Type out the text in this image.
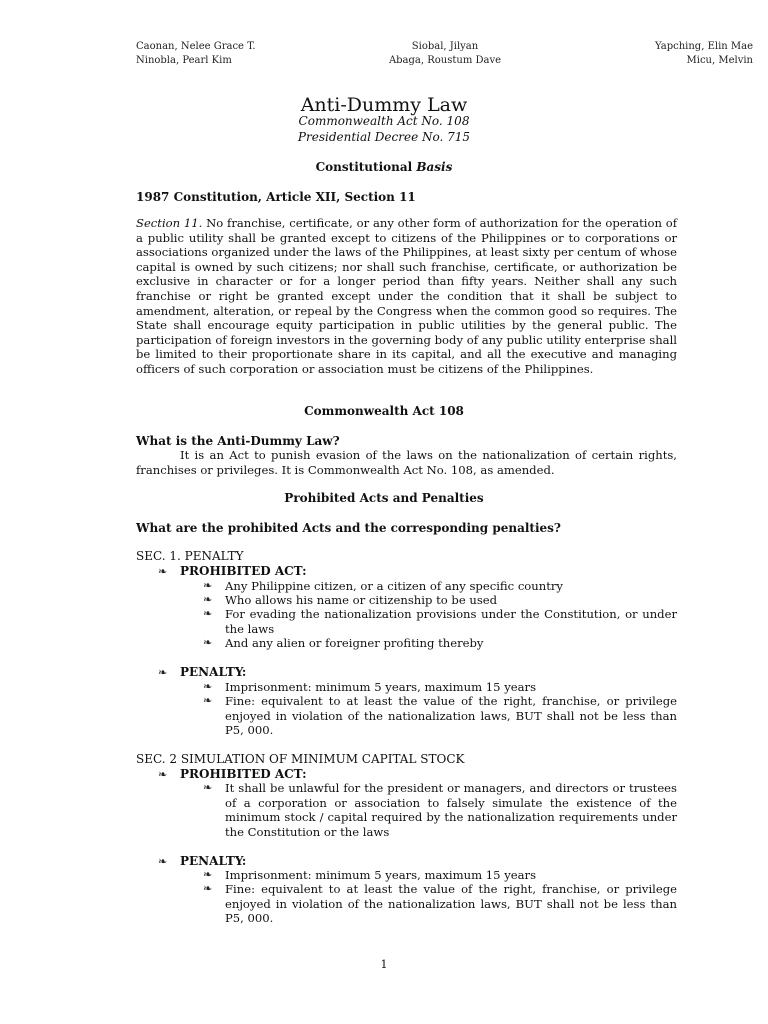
Caonan, Nelee Grace T.
Ninobla, Pearl Kim
Siobal, Jilyan
Abaga, Roustum Dave
Yapching, Elin Mae
Micu, Melvin
Anti-Dummy Law
Commonwealth Act No. 108
Presidential Decree No. 715
Constitutional Basis
1987 Constitution, Article XII, Section 11
Section 11. No franchise, certificate, or any other form of authorization for the operation of a public utility shall be granted except to citizens of the Philippines or to corporations or associations organized under the laws of the Philippines, at least sixty per centum of whose capital is owned by such citizens; nor shall such franchise, certificate, or authorization be exclusive in character or for a longer period than fifty years. Neither shall any such franchise or right be granted except under the condition that it shall be subject to amendment, alteration, or repeal by the Congress when the common good so requires. The State shall encourage equity participation in public utilities by the general public. The participation of foreign investors in the governing body of any public utility enterprise shall be limited to their proportionate share in its capital, and all the executive and managing officers of such corporation or association must be citizens of the Philippines.
Commonwealth Act 108
What is the Anti-Dummy Law?
It is an Act to punish evasion of the laws on the nationalization of certain rights, franchises or privileges. It is Commonwealth Act No. 108, as amended.
Prohibited Acts and Penalties
What are the prohibited Acts and the corresponding penalties?
SEC. 1. PENALTY
❧ PROHIBITED ACT:
❧	Any Philippine citizen, or a citizen of any specific country
❧	Who allows his name or citizenship to be used
❧	For evading the nationalization provisions under the Constitution, or under the laws
❧	And any alien or foreigner profiting thereby
❧ PENALTY:
❧	Imprisonment: minimum 5 years, maximum 15 years
❧	Fine: equivalent to at least the value of the right, franchise, or privilege enjoyed in violation of the nationalization laws, BUT shall not be less than P5, 000.
SEC. 2 SIMULATION OF MINIMUM CAPITAL STOCK
❧ PROHIBITED ACT:
❧	It shall be unlawful for the president or managers, and directors or trustees of a corporation or association to falsely simulate the existence of the minimum stock / capital required by the nationalization requirements under the Constitution or the laws
❧ PENALTY:
❧	Imprisonment: minimum 5 years, maximum 15 years
❧	Fine: equivalent to at least the value of the right, franchise, or privilege enjoyed in violation of the nationalization laws, BUT shall not be less than P5, 000.
1
